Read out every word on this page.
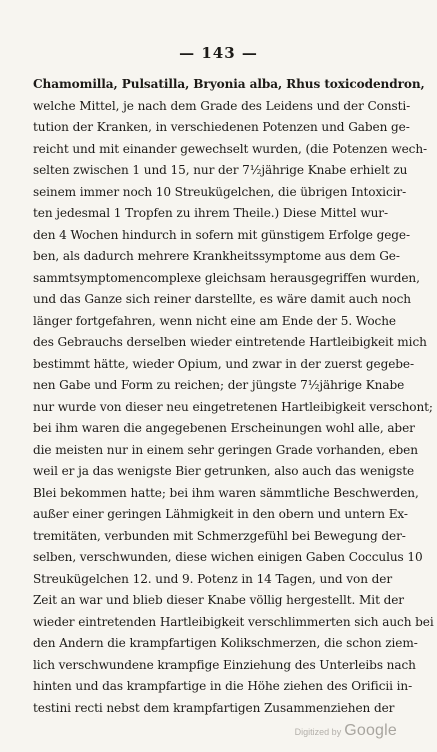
— 143 —
Chamomilla, Pulsatilla, Bryonia alba, Rhus toxicodendron,
welche Mittel, je nach dem Grade des Leidens und der Consti-
tution der Kranken, in verschiedenen Potenzen und Gaben ge-
reicht und mit einander gewechselt wurden, (die Potenzen wech-
selten zwischen 1 und 15, nur der 7½jährige Knabe erhielt zu
seinem immer noch 10 Streukügelchen, die übrigen Intoxicir-
ten jedesmal 1 Tropfen zu ihrem Theile.) Diese Mittel wur-
den 4 Wochen hindurch in sofern mit günstigem Erfolge gege-
ben, als dadurch mehrere Krankheitssymptome aus dem Ge-
sammtsymptomencomplexe gleichsam herausgegriffen wurden,
und das Ganze sich reiner darstellte, es wäre damit auch noch
länger fortgefahren, wenn nicht eine am Ende der 5. Woche
des Gebrauchs derselben wieder eintretende Hartleibigkeit mich
bestimmt hätte, wieder Opium, und zwar in der zuerst gegebe-
nen Gabe und Form zu reichen; der jüngste 7½jährige Knabe
nur wurde von dieser neu eingetretenen Hartleibigkeit verschont;
bei ihm waren die angegebenen Erscheinungen wohl alle, aber
die meisten nur in einem sehr geringen Grade vorhanden, eben
weil er ja das wenigste Bier getrunken, also auch das wenigste
Blei bekommen hatte; bei ihm waren sämmtliche Beschwerden,
außer einer geringen Lähmigkeit in den obern und untern Ex-
tremitäten, verbunden mit Schmerzgefühl bei Bewegung der-
selben, verschwunden, diese wichen einigen Gaben Cocculus 10
Streukügelchen 12. und 9. Potenz in 14 Tagen, und von der
Zeit an war und blieb dieser Knabe völlig hergestellt. Mit der
wieder eintretenden Hartleibigkeit verschlimmerten sich auch bei
den Andern die krampfartigen Kolikschmerzen, die schon ziem-
lich verschwundene krampfige Einziehung des Unterleibs nach
hinten und das krampfartige in die Höhe ziehen des Orificii in-
testini recti nebst dem krampfartigen Zusammenziehen der
Digitized by Google
